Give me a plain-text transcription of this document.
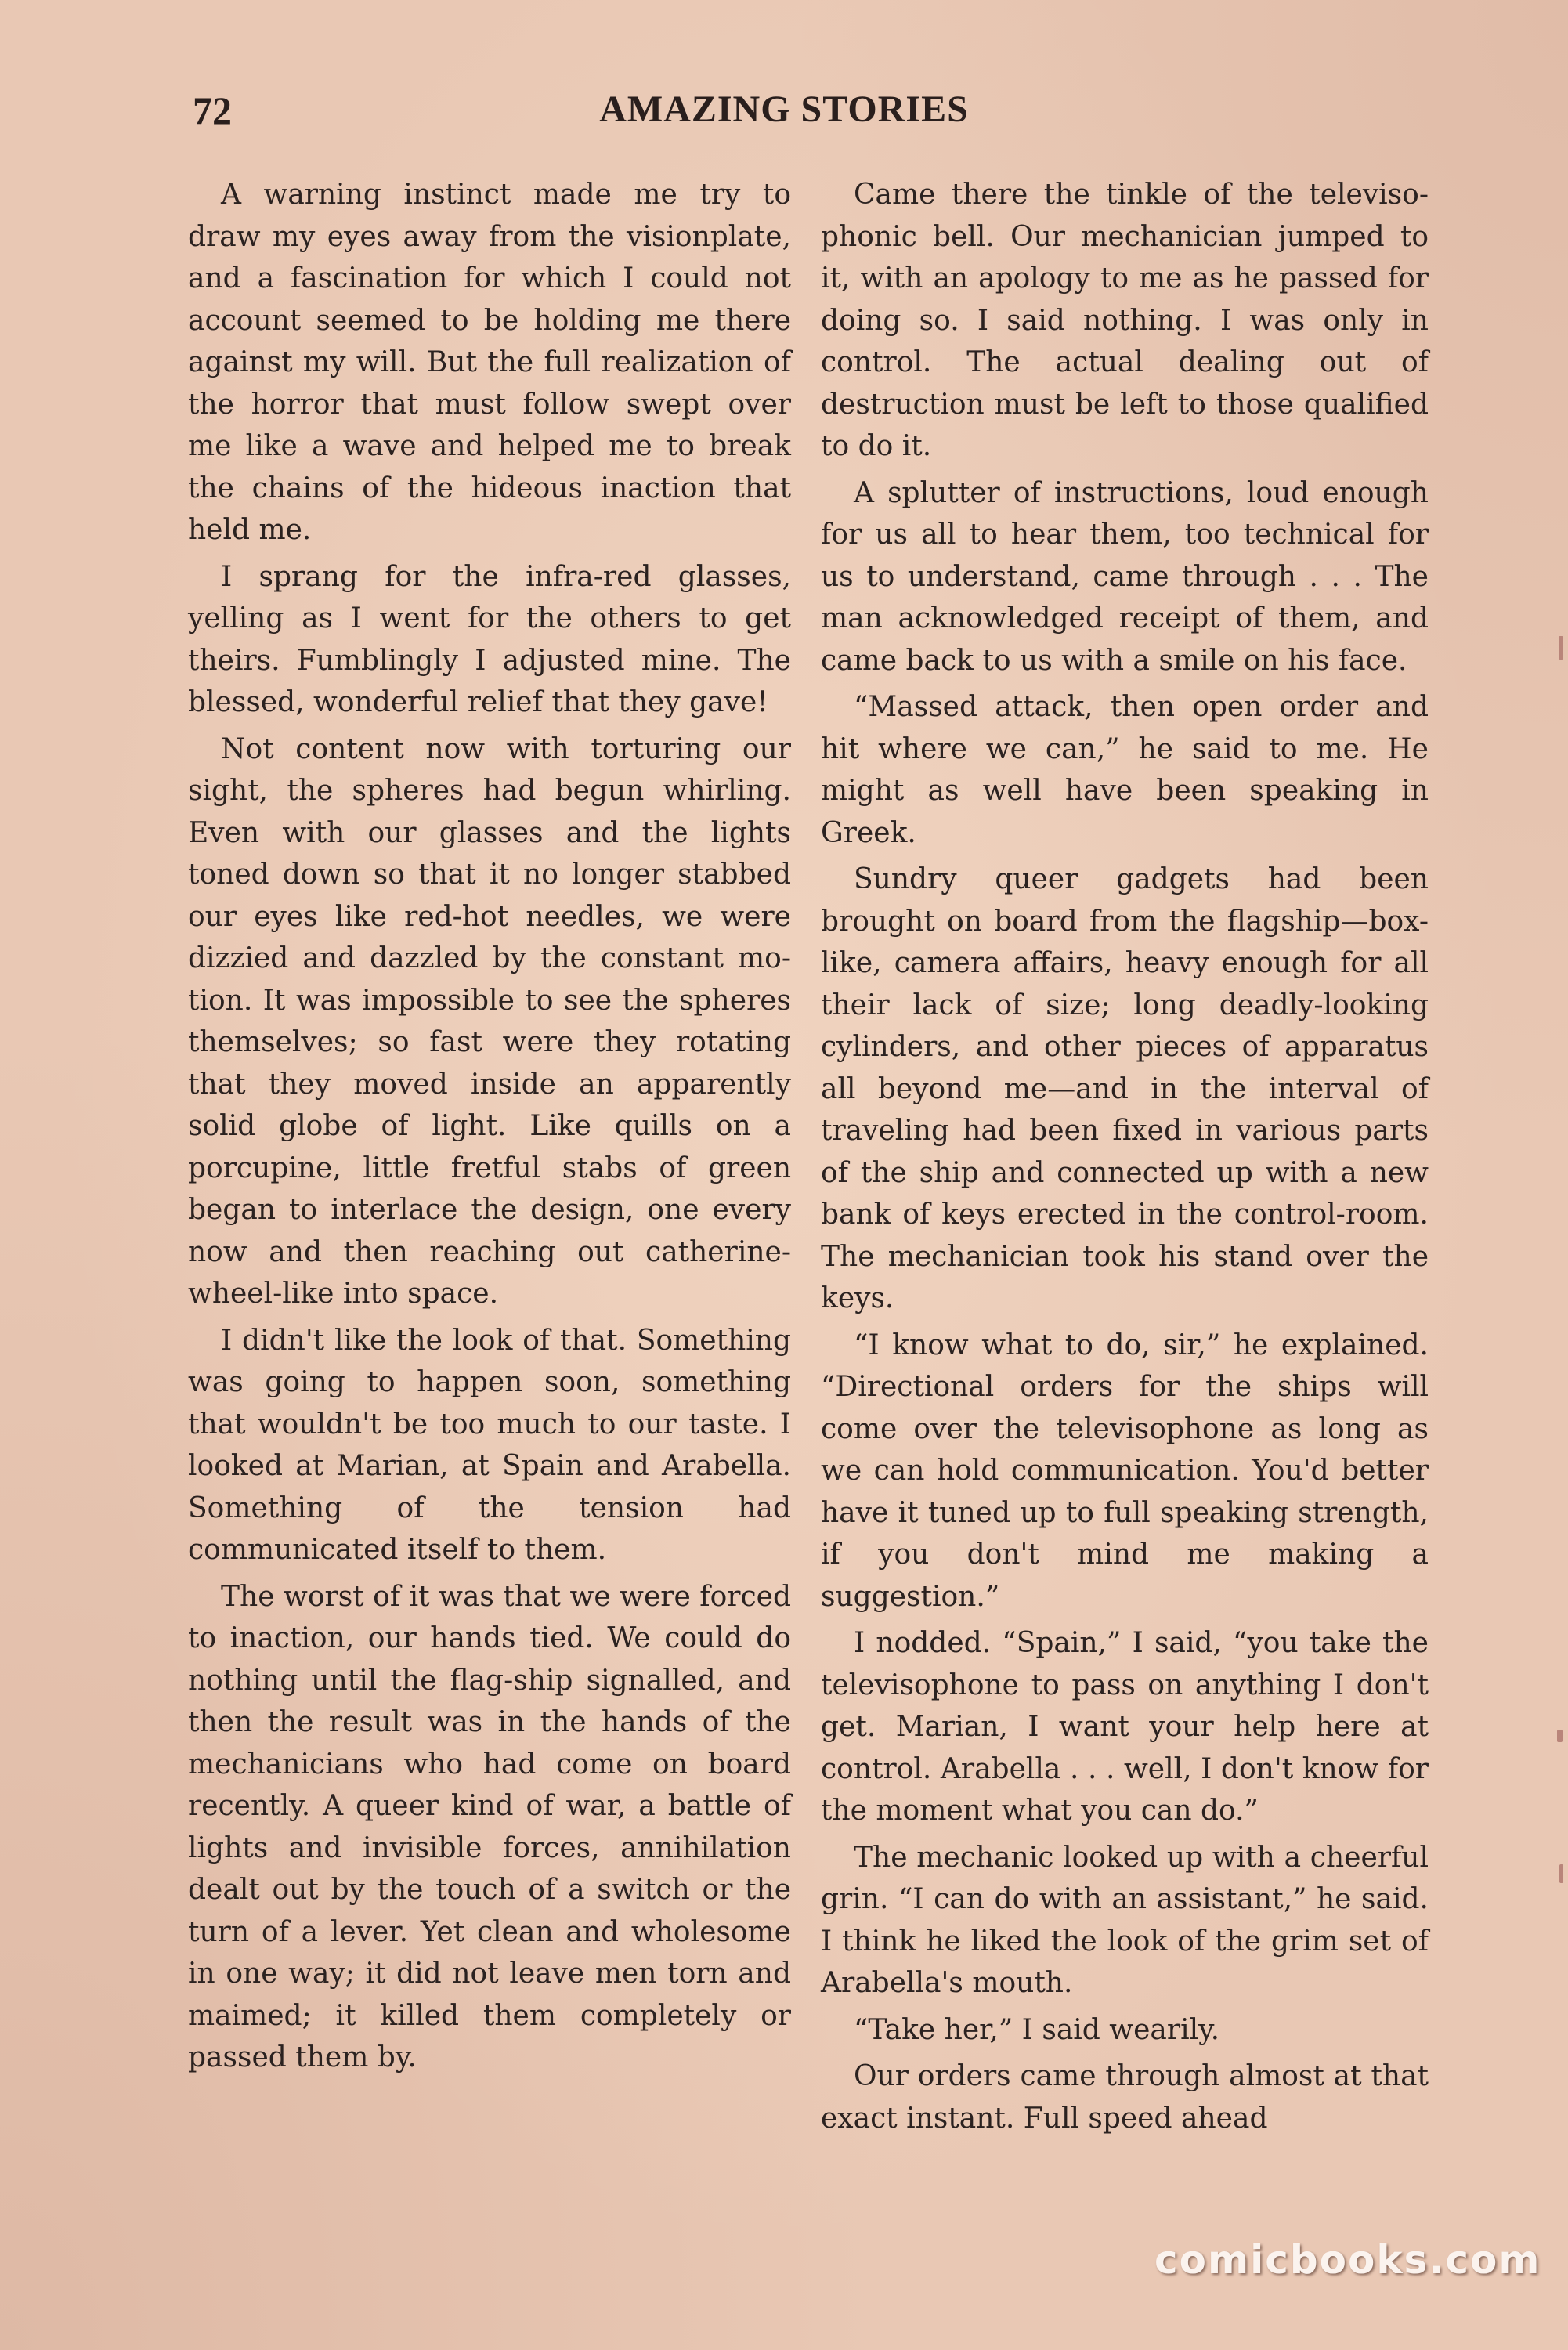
72	AMAZING STORIES

A warning instinct made me try to draw my eyes away from the visionplate, and a fascination for which I could not account seemed to be holding me there against my will. But the full realization of the horror that must follow swept over me like a wave and helped me to break the chains of the hideous inaction that held me.

I sprang for the infra-red glasses, yelling as I went for the others to get theirs. Fumblingly I adjusted mine. The blessed, wonderful relief that they gave!

Not content now with torturing our sight, the spheres had begun whirling. Even with our glasses and the lights toned down so that it no longer stabbed our eyes like red-hot needles, we were dizzied and dazzled by the constant motion. It was impossible to see the spheres themselves; so fast were they rotating that they moved inside an apparently solid globe of light. Like quills on a porcupine, little fretful stabs of green began to interlace the design, one every now and then reaching out catherine-wheel-like into space.

I didn't like the look of that. Something was going to happen soon, something that wouldn't be too much to our taste. I looked at Marian, at Spain and Arabella. Something of the tension had communicated itself to them.

The worst of it was that we were forced to inaction, our hands tied. We could do nothing until the flag-ship signalled, and then the result was in the hands of the mechanicians who had come on board recently. A queer kind of war, a battle of lights and invisible forces, annihilation dealt out by the touch of a switch or the turn of a lever. Yet clean and wholesome in one way; it did not leave men torn and maimed; it killed them completely or passed them by.

Came there the tinkle of the televisophonic bell. Our mechanician jumped to it, with an apology to me as he passed for doing so. I said nothing. I was only in control. The actual dealing out of destruction must be left to those qualified to do it.

A splutter of instructions, loud enough for us all to hear them, too technical for us to understand, came through . . . The man acknowledged receipt of them, and came back to us with a smile on his face.

“Massed attack, then open order and hit where we can,” he said to me. He might as well have been speaking in Greek.

Sundry queer gadgets had been brought on board from the flagship—box-like, camera affairs, heavy enough for all their lack of size; long deadly-looking cylinders, and other pieces of apparatus all beyond me—and in the interval of traveling had been fixed in various parts of the ship and connected up with a new bank of keys erected in the control-room. The mechanician took his stand over the keys.

“I know what to do, sir,” he explained. “Directional orders for the ships will come over the televisophone as long as we can hold communication. You'd better have it tuned up to full speaking strength, if you don't mind me making a suggestion.”

I nodded. “Spain,” I said, “you take the televisophone to pass on anything I don't get. Marian, I want your help here at control. Arabella . . . well, I don't know for the moment what you can do.”

The mechanic looked up with a cheerful grin. “I can do with an assistant,” he said. I think he liked the look of the grim set of Arabella's mouth.

“Take her,” I said wearily.

Our orders came through almost at that exact instant. Full speed ahead

comicbooks.com
